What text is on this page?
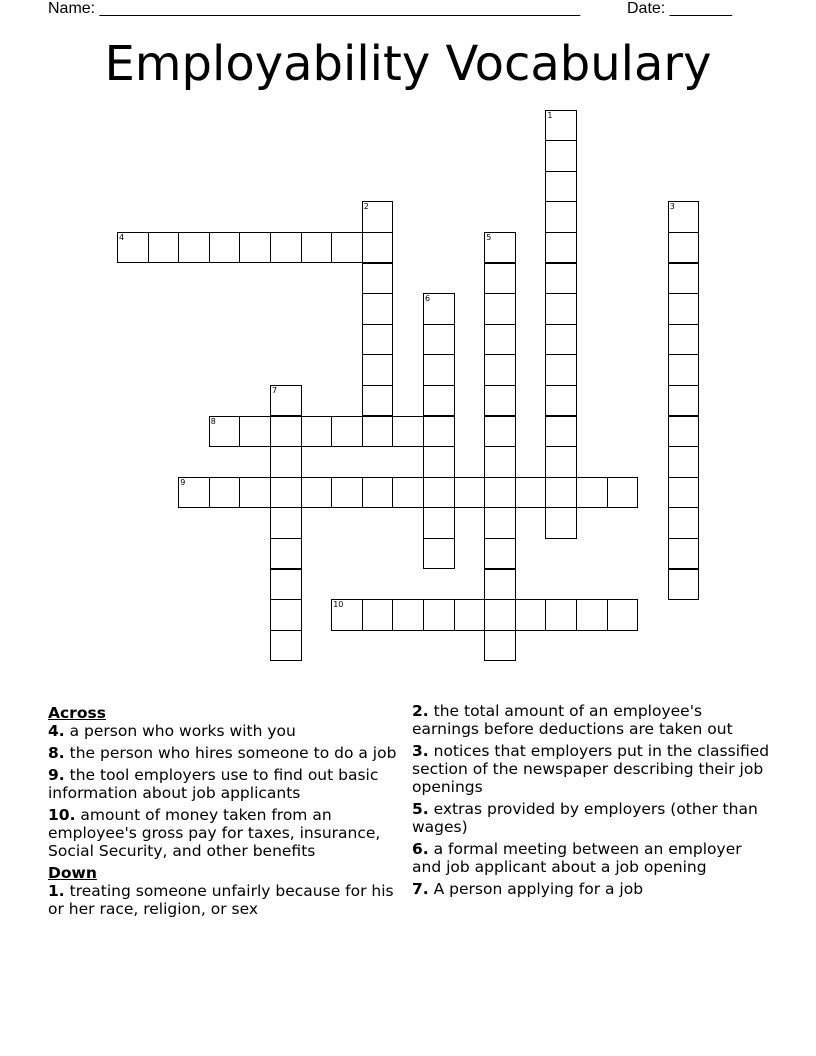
Name: ______________________________________________________	Date: _______
Employability Vocabulary
1
2	3
4	5
6
7
8
9
10
Across
4. a person who works with you
8. the person who hires someone to do a job
9. the tool employers use to find out basic information about job applicants
10. amount of money taken from an employee's gross pay for taxes, insurance, Social Security, and other benefits
Down
1. treating someone unfairly because for his or her race, religion, or sex
2. the total amount of an employee's earnings before deductions are taken out
3. notices that employers put in the classified section of the newspaper describing their job openings
5. extras provided by employers (other than wages)
6. a formal meeting between an employer and job applicant about a job opening
7. A person applying for a job
